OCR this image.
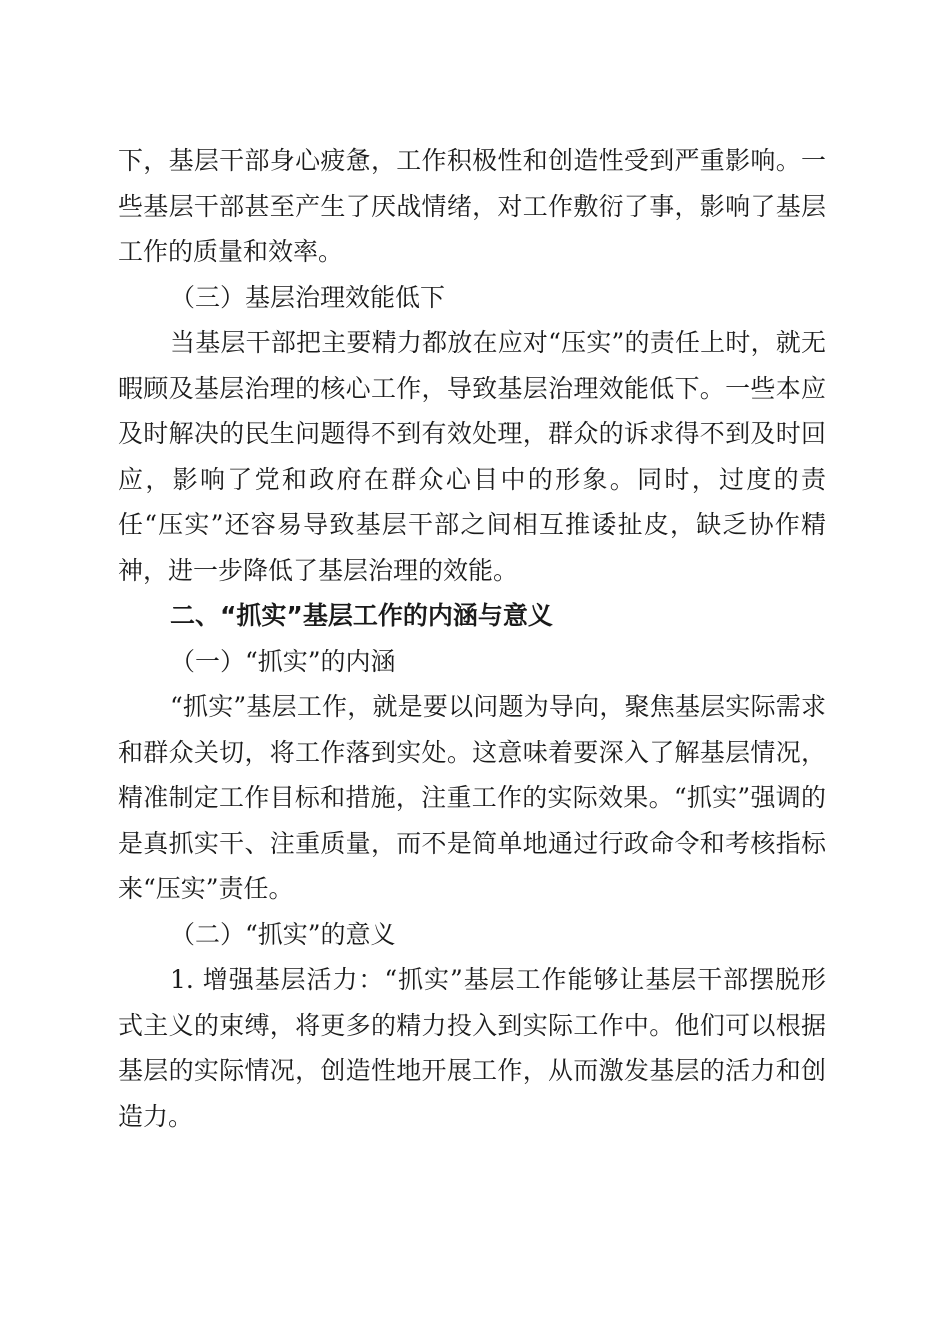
下，基层干部身心疲惫，工作积极性和创造性受到严重影响。一些基层干部甚至产生了厌战情绪，对工作敷衍了事，影响了基层工作的质量和效率。

（三）基层治理效能低下

当基层干部把主要精力都放在应对“压实”的责任上时，就无暇顾及基层治理的核心工作，导致基层治理效能低下。一些本应及时解决的民生问题得不到有效处理，群众的诉求得不到及时回应，影响了党和政府在群众心目中的形象。同时，过度的责任“压实”还容易导致基层干部之间相互推诿扯皮，缺乏协作精神，进一步降低了基层治理的效能。

二、“抓实”基层工作的内涵与意义

（一）“抓实”的内涵

“抓实”基层工作，就是要以问题为导向，聚焦基层实际需求和群众关切，将工作落到实处。这意味着要深入了解基层情况，精准制定工作目标和措施，注重工作的实际效果。“抓实”强调的是真抓实干、注重质量，而不是简单地通过行政命令和考核指标来“压实”责任。

（二）“抓实”的意义

1. 增强基层活力：“抓实”基层工作能够让基层干部摆脱形式主义的束缚，将更多的精力投入到实际工作中。他们可以根据基层的实际情况，创造性地开展工作，从而激发基层的活力和创造力。
